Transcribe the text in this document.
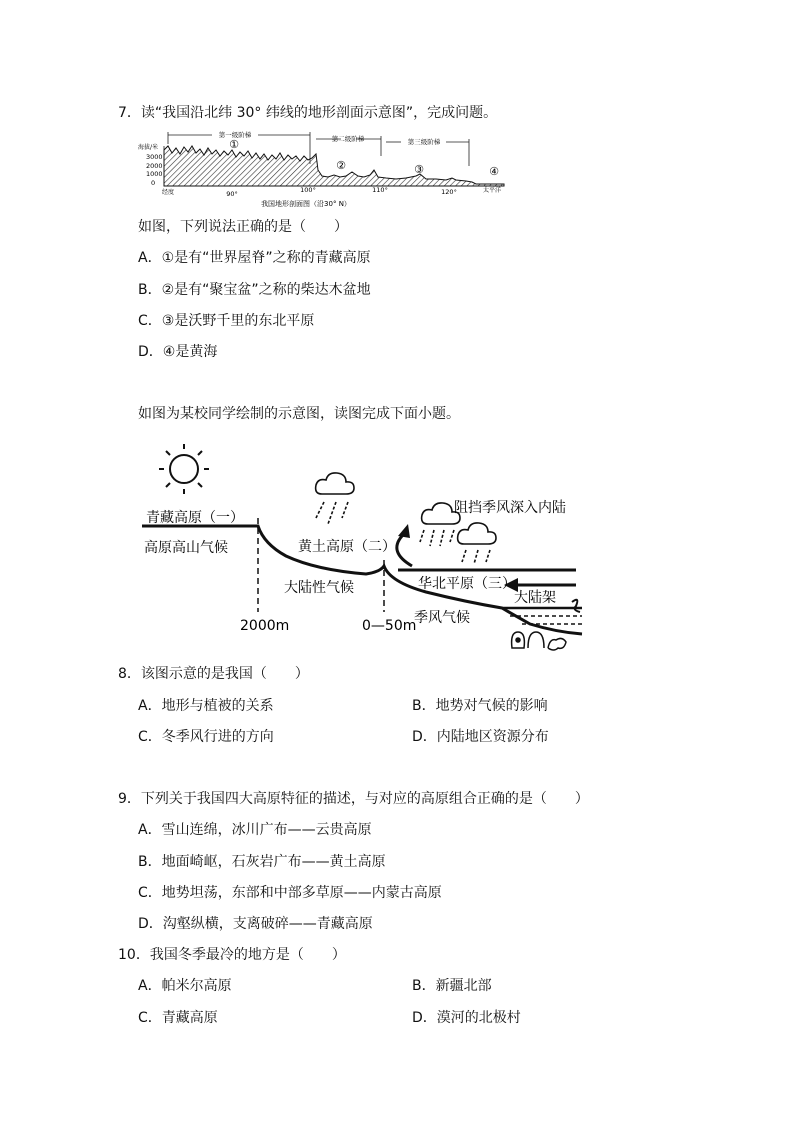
7．读“我国沿北纬 30° 纬线的地形剖面示意图”，完成问题。
第一级阶梯	第二级阶梯	第三级阶梯
海拔/米
3000
2000
1000
0
①
②	③	④
经度	90°	100°	110°	120°	太平洋
我国地形剖面图（沿30° N）
如图，下列说法正确的是（　　）
A．①是有“世界屋脊”之称的青藏高原
B．②是有“聚宝盆”之称的柴达木盆地
C．③是沃野千里的东北平原
D．④是黄海
如图为某校同学绘制的示意图，读图完成下面小题。
青藏高原（一）
高原高山气候	黄土高原（二）
大陆性气候
阻挡季风深入内陆
华北平原（三）
大陆架
季风气候
2000m	0—50m
8．该图示意的是我国（　　）
A．地形与植被的关系	B．地势对气候的影响
C．冬季风行进的方向	D．内陆地区资源分布
9．下列关于我国四大高原特征的描述，与对应的高原组合正确的是（　　）
A．雪山连绵，冰川广布——云贵高原
B．地面崎岖，石灰岩广布——黄土高原
C．地势坦荡，东部和中部多草原——内蒙古高原
D．沟壑纵横，支离破碎——青藏高原
10．我国冬季最冷的地方是（　　）
A．帕米尔高原	B．新疆北部
C．青藏高原	D．漠河的北极村
